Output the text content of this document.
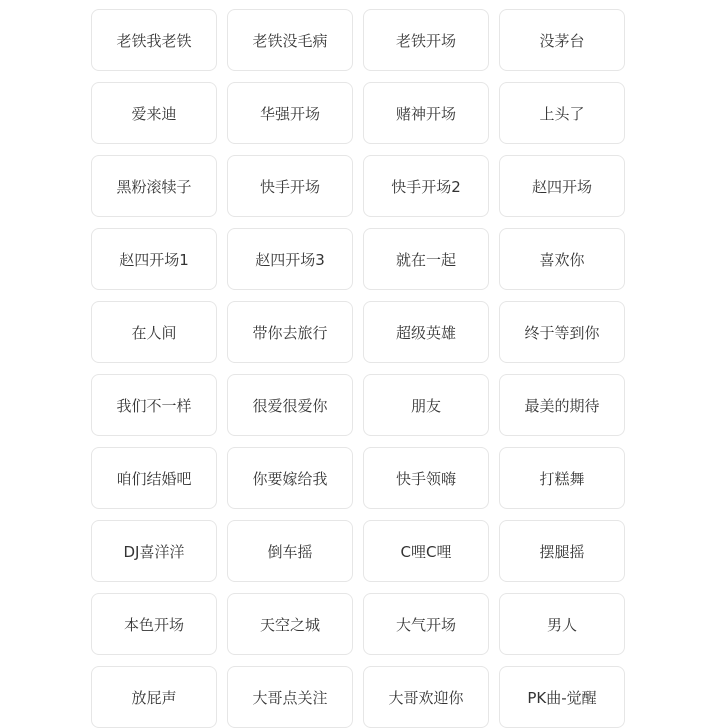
老铁我老铁	老铁没毛病	老铁开场	没茅台
爱来迪	华强开场	赌神开场	上头了
黑粉滚犊子	快手开场	快手开场2	赵四开场
赵四开场1	赵四开场3	就在一起	喜欢你
在人间	带你去旅行	超级英雄	终于等到你
我们不一样	很爱很爱你	朋友	最美的期待
咱们结婚吧	你要嫁给我	快手领嗨	打糕舞
DJ喜洋洋	倒车摇	C哩C哩	摆腿摇
本色开场	天空之城	大气开场	男人
放屁声	大哥点关注	大哥欢迎你	PK曲-觉醒
